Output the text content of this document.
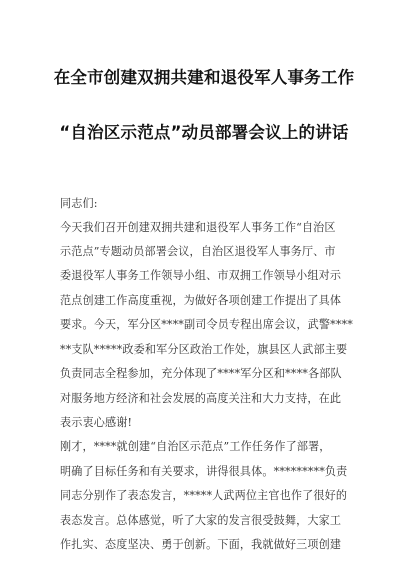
在全市创建双拥共建和退役军人事务工作
“自治区示范点”动员部署会议上的讲话
同志们:
今天我们召开创建双拥共建和退役军人事务工作“自治区
示范点”专题动员部署会议，自治区退役军人事务厅、市
委退役军人事务工作领导小组、市双拥工作领导小组对示
范点创建工作高度重视，为做好各项创建工作提出了具体
要求。今天，军分区****副司令员专程出席会议，武警****
**支队*****政委和军分区政治工作处，旗县区人武部主要
负责同志全程参加，充分体现了****军分区和****各部队
对服务地方经济和社会发展的高度关注和大力支持，在此
表示衷心感谢!
刚才，****就创建“自治区示范点”工作任务作了部署，
明确了目标任务和有关要求，讲得很具体。*********负责
同志分别作了表态发言，*****人武两位主官也作了很好的
表态发言。总体感觉，听了大家的发言很受鼓舞，大家工
作扎实、态度坚决、勇于创新。下面，我就做好三项创建
